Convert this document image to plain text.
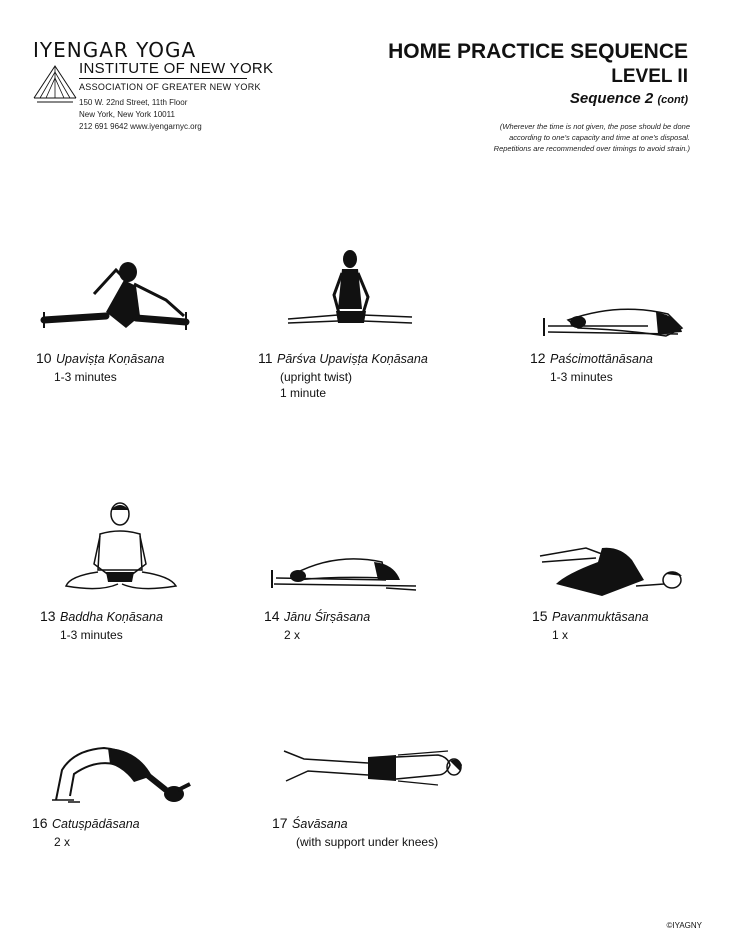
IYENGAR YOGA
INSTITUTE OF NEW YORK
ASSOCIATION OF GREATER NEW YORK
150 W. 22nd Street, 11th Floor
New York, New York 10011
212 691 9642 www.iyengarnyc.org
HOME PRACTICE SEQUENCE
LEVEL II
Sequence 2 (cont)
(Wherever the time is not given, the pose should be done
according to one's capacity and time at one's disposal.
Repetitions are recommended over timings to avoid strain.)
10 Upaviṣṭa Koṇāsana
1-3 minutes
11 Pārśva Upaviṣṭa Koṇāsana
(upright twist)
1 minute
12 Paścimottānāsana
1-3 minutes
13 Baddha Koṇāsana
1-3 minutes
14 Jānu Śīrṣāsana
2 x
15 Pavanmuktāsana
1 x
16 Catuṣpādāsana
2 x
17 Śavāsana
(with support under knees)
©IYAGNY
